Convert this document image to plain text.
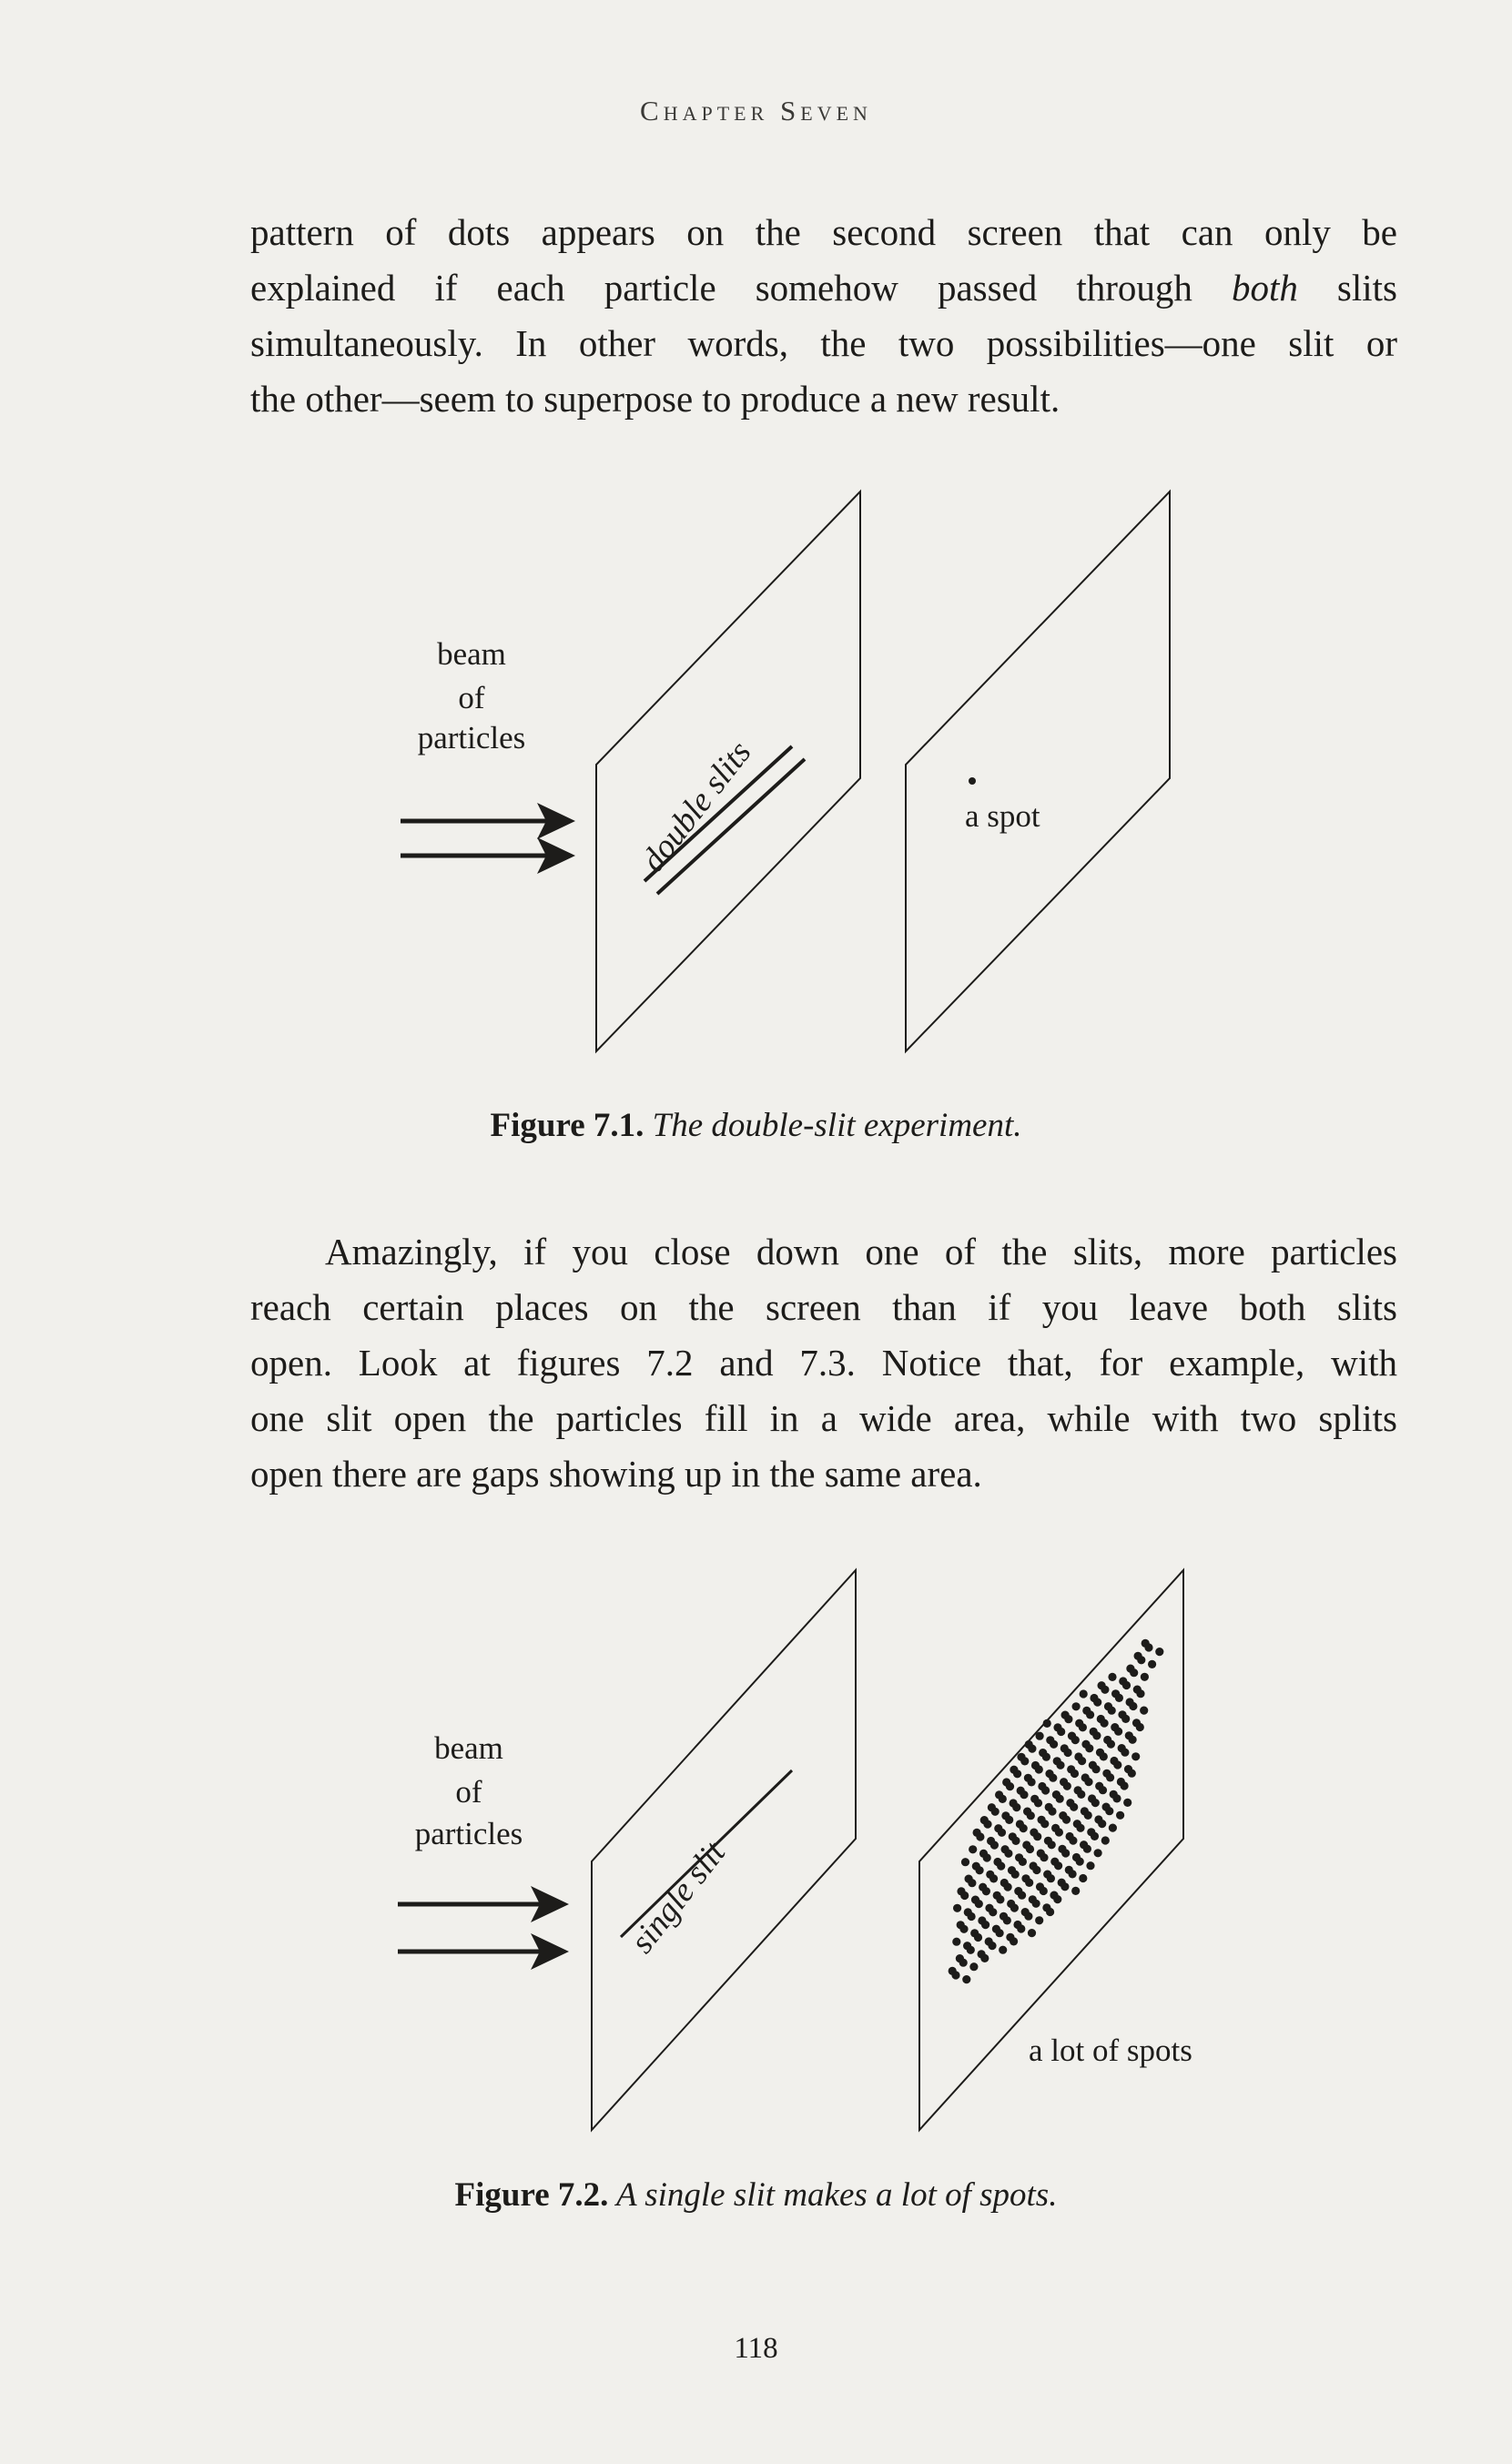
Chapter Seven
pattern of dots appears on the second screen that can only be
explained if each particle somehow passed through both slits
simultaneously. In other words, the two possibilities—one slit or
the other—seem to superpose to produce a new result.
double slits	a spot
beam
of
particles
Figure 7.1. The double-slit experiment.
Amazingly, if you close down one of the slits, more particles
reach certain places on the screen than if you leave both slits
open. Look at figures 7.2 and 7.3. Notice that, for example, with
one slit open the particles fill in a wide area, while with two splits
open there are gaps showing up in the same area.
single slit
a lot of spots
beam
of
particles
Figure 7.2. A single slit makes a lot of spots.
118
